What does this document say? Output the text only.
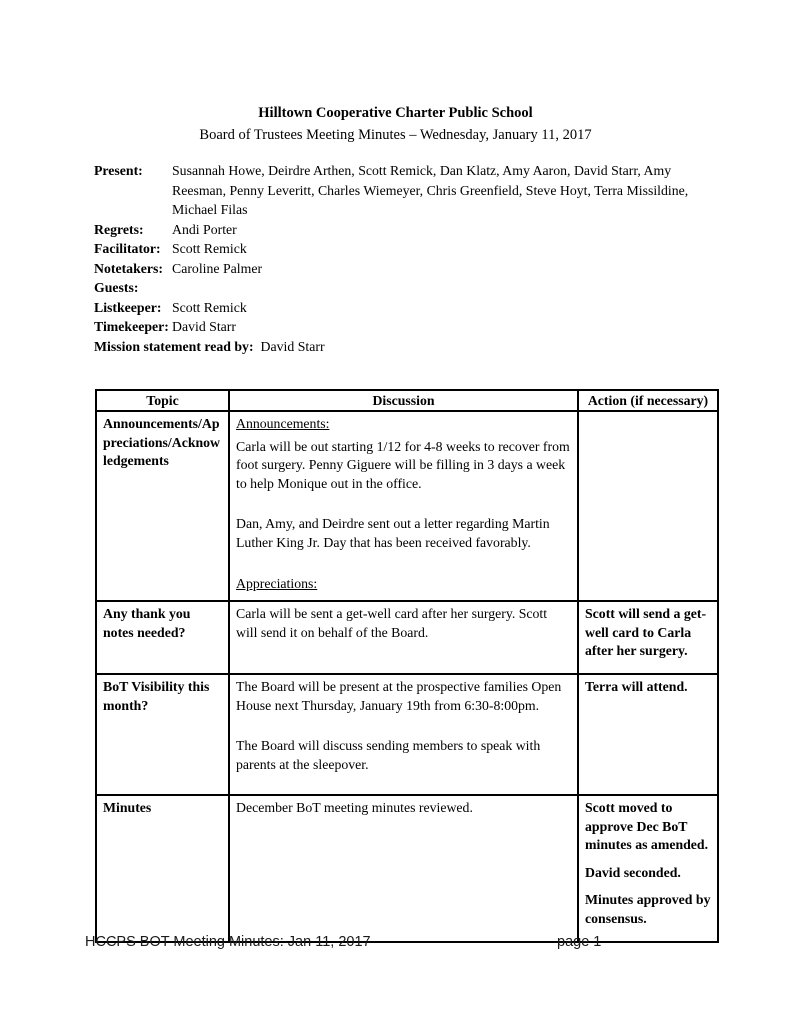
Hilltown Cooperative Charter Public School
Board of Trustees Meeting Minutes – Wednesday, January 11, 2017
Present:	Susannah Howe, Deirdre Arthen, Scott Remick, Dan Klatz, Amy Aaron, David Starr, Amy Reesman, Penny Leveritt, Charles Wiemeyer, Chris Greenfield, Steve Hoyt, Terra Missildine, Michael Filas
Regrets:	Andi Porter
Facilitator: Scott Remick
Notetakers: Caroline Palmer
Guests:
Listkeeper: Scott Remick
Timekeeper: David Starr
Mission statement read by: David Starr
Topic	Discussion	Action (if necessary)
Announcements/Appreciations/Acknowledgements	Announcements:

Carla will be out starting 1/12 for 4-8 weeks to recover from foot surgery. Penny Giguere will be filling in 3 days a week to help Monique out in the office.

Dan, Amy, and Deirdre sent out a letter regarding Martin Luther King Jr. Day that has been received favorably.

Appreciations:	

Any thank you notes needed?	Carla will be sent a get-well card after her surgery. Scott will send it on behalf of the Board.	Scott will send a get-well card to Carla after her surgery.

BoT Visibility this month?	The Board will be present at the prospective families Open House next Thursday, January 19th from 6:30-8:00pm.

The Board will discuss sending members to speak with parents at the sleepover.	Terra will attend.

Minutes	December BoT meeting minutes reviewed.	Scott moved to approve Dec BoT minutes as amended.

David seconded.

Minutes approved by consensus.

HCCPS BOT Meeting Minutes: Jan 11, 2017	page 1
